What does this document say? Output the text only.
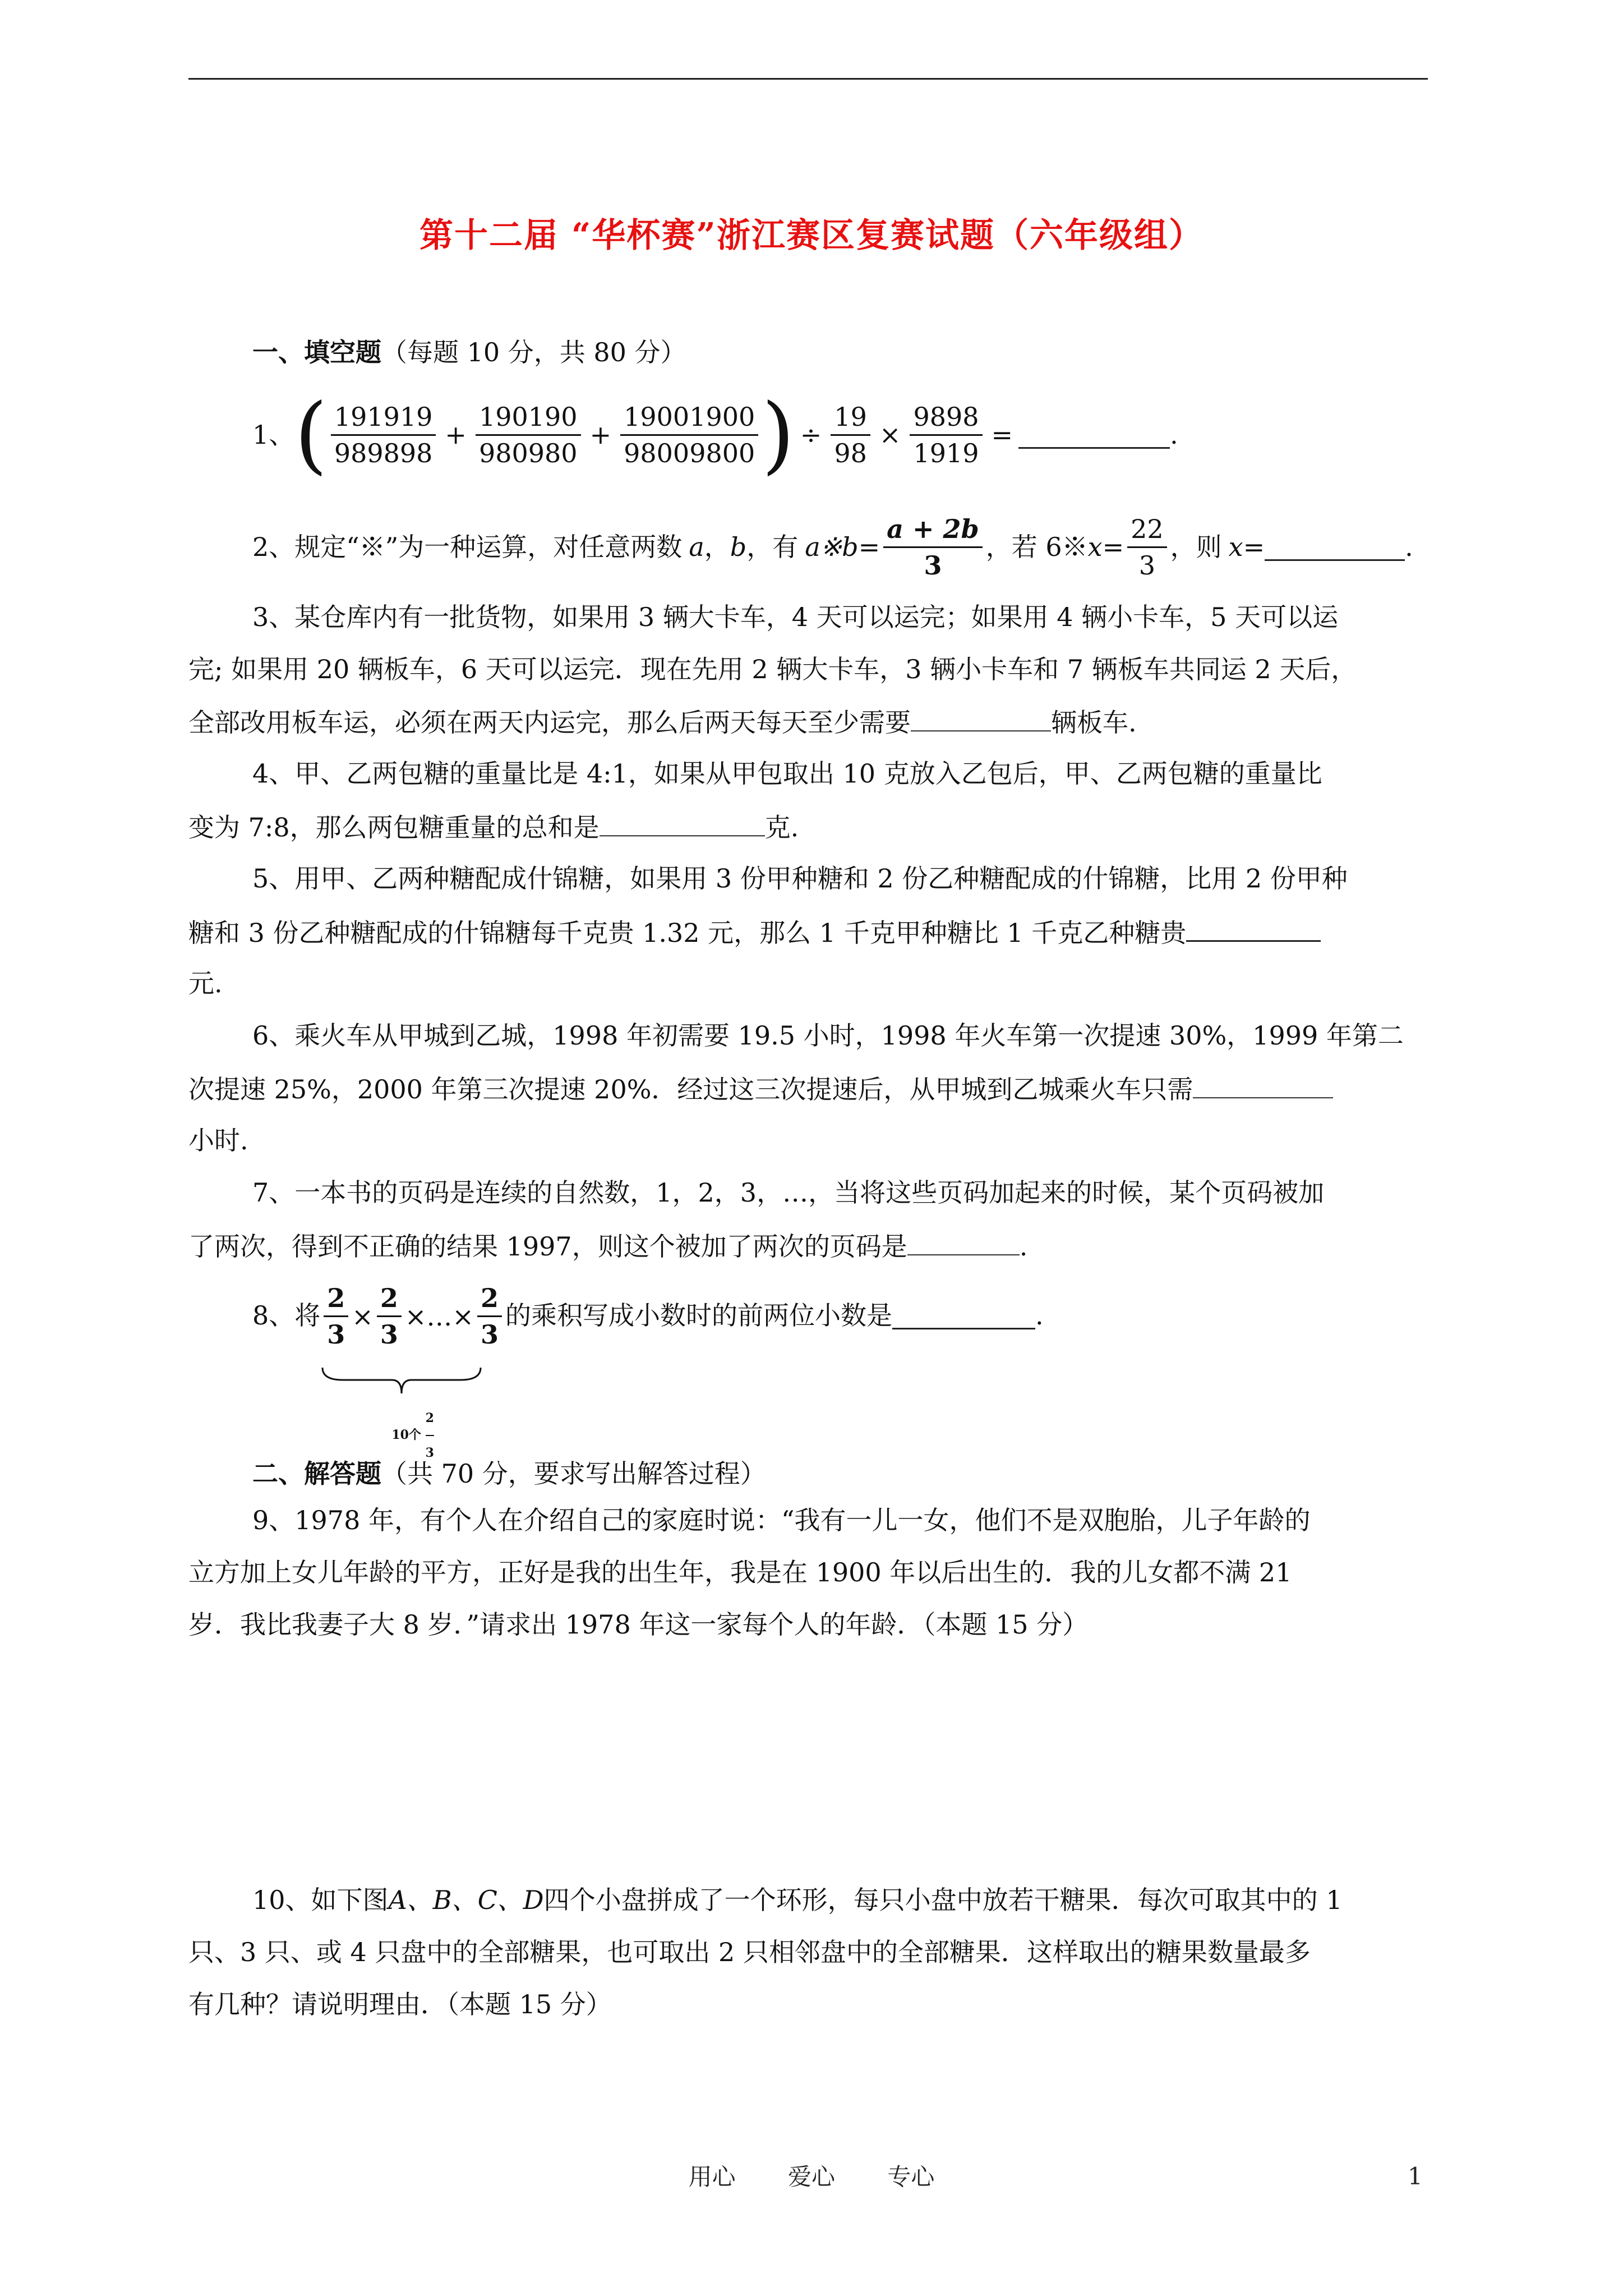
第十二届 “华杯赛”浙江赛区复赛试题（六年级组）
一、填空题（每题 10 分，共 80 分）
1、 ( $\frac{191919}{989898} + \frac{190190}{980980} + \frac{19001900}{98009800}$ ) ÷ $\frac{19}{98} \times \frac{9898}{1919}$ =	.
2、规定“※”为一种运算，对任意两数 a ， b ，有 a※b= $\frac{a + 2b}{3}$ ，若 6※ $x = \frac{22}{3}$ ，则 x=	.
3、某仓库内有一批货物，如果用 3 辆大卡车，4 天可以运完；如果用 4 辆小卡车，5 天可以运
完; 如果用 20 辆板车，6 天可以运完．现在先用 2 辆大卡车，3 辆小卡车和 7 辆板车共同运 2 天后，
全部改用板车运，必须在两天内运完，那么后两天每天至少需要	辆板车.
4、甲、乙两包糖的重量比是 4:1，如果从甲包取出 10 克放入乙包后，甲、乙两包糖的重量比
变为 7:8，那么两包糖重量的总和是	克.
5、用甲、乙两种糖配成什锦糖，如果用 3 份甲种糖和 2 份乙种糖配成的什锦糖，比用 2 份甲种
糖和 3 份乙种糖配成的什锦糖每千克贵 1.32 元，那么 1 千克甲种糖比 1 千克乙种糖贵
元.
6、乘火车从甲城到乙城，1998 年初需要 19.5 小时，1998 年火车第一次提速 30%，1999 年第二
次提速 25%，2000 年第三次提速 20%．经过这三次提速后，从甲城到乙城乘火车只需
小时.
7、一本书的页码是连续的自然数，1，2，3，…，当将这些页码加起来的时候，某个页码被加
了两次，得到不正确的结果 1997，则这个被加了两次的页码是	.
8、将 $\frac{2}{3} \times \frac{2}{3}$ ×…× $\frac{2}{3}$
10个 $\frac{2}{3}$
的乘积写成小数时的前两位小数是	.
二、解答题（共 70 分，要求写出解答过程）
9、1978 年，有个人在介绍自己的家庭时说：“我有一儿一女，他们不是双胞胎，儿子年龄的
立方加上女儿年龄的平方，正好是我的出生年，我是在 1900 年以后出生的．我的儿女都不满 21
岁．我比我妻子大 8 岁．”请求出 1978 年这一家每个人的年龄．（本题 15 分）
10、如下图A、B、C、D四个小盘拼成了一个环形，每只小盘中放若干糖果．每次可取其中的 1
只、3 只、或 4 只盘中的全部糖果，也可取出 2 只相邻盘中的全部糖果．这样取出的糖果数量最多
有几种？请说明理由．（本题 15 分）
用心 爱心 专心	1
